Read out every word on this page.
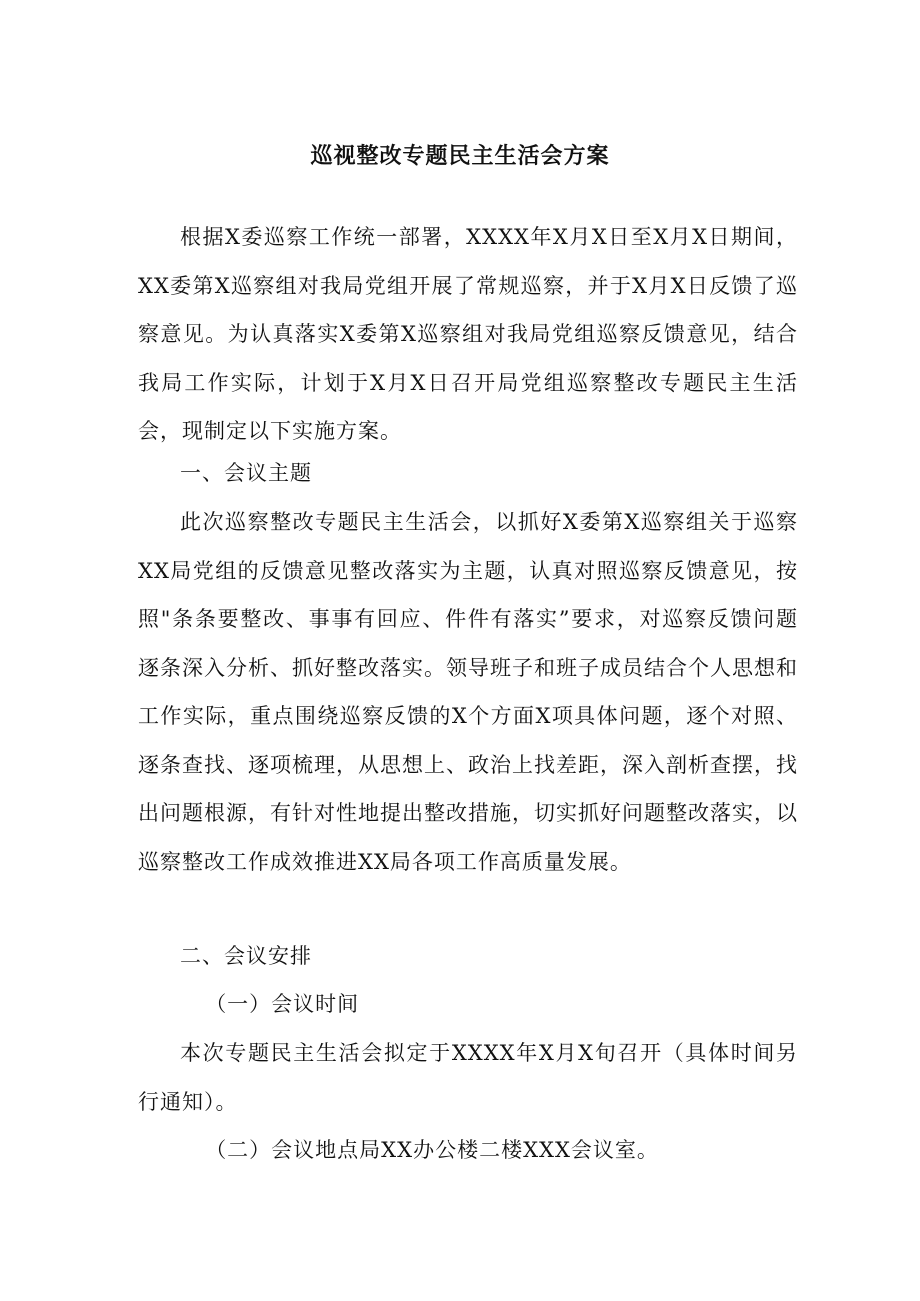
巡视整改专题民主生活会方案

根据X委巡察工作统一部署，XXXX年X月X日至X月X日期间，XX委第X巡察组对我局党组开展了常规巡察，并于X月X日反馈了巡察意见。为认真落实X委第X巡察组对我局党组巡察反馈意见，结合我局工作实际，计划于X月X日召开局党组巡察整改专题民主生活会，现制定以下实施方案。

一、会议主题

此次巡察整改专题民主生活会，以抓好X委第X巡察组关于巡察XX局党组的反馈意见整改落实为主题，认真对照巡察反馈意见，按照"条条要整改、事事有回应、件件有落实”要求，对巡察反馈问题逐条深入分析、抓好整改落实。领导班子和班子成员结合个人思想和工作实际，重点围绕巡察反馈的X个方面X项具体问题，逐个对照、逐条查找、逐项梳理，从思想上、政治上找差距，深入剖析查摆，找出问题根源，有针对性地提出整改措施，切实抓好问题整改落实，以巡察整改工作成效推进XX局各项工作高质量发展。

二、会议安排

（一）会议时间

本次专题民主生活会拟定于XXXX年X月X旬召开（具体时间另行通知）。

（二）会议地点局XX办公楼二楼XXX会议室。
